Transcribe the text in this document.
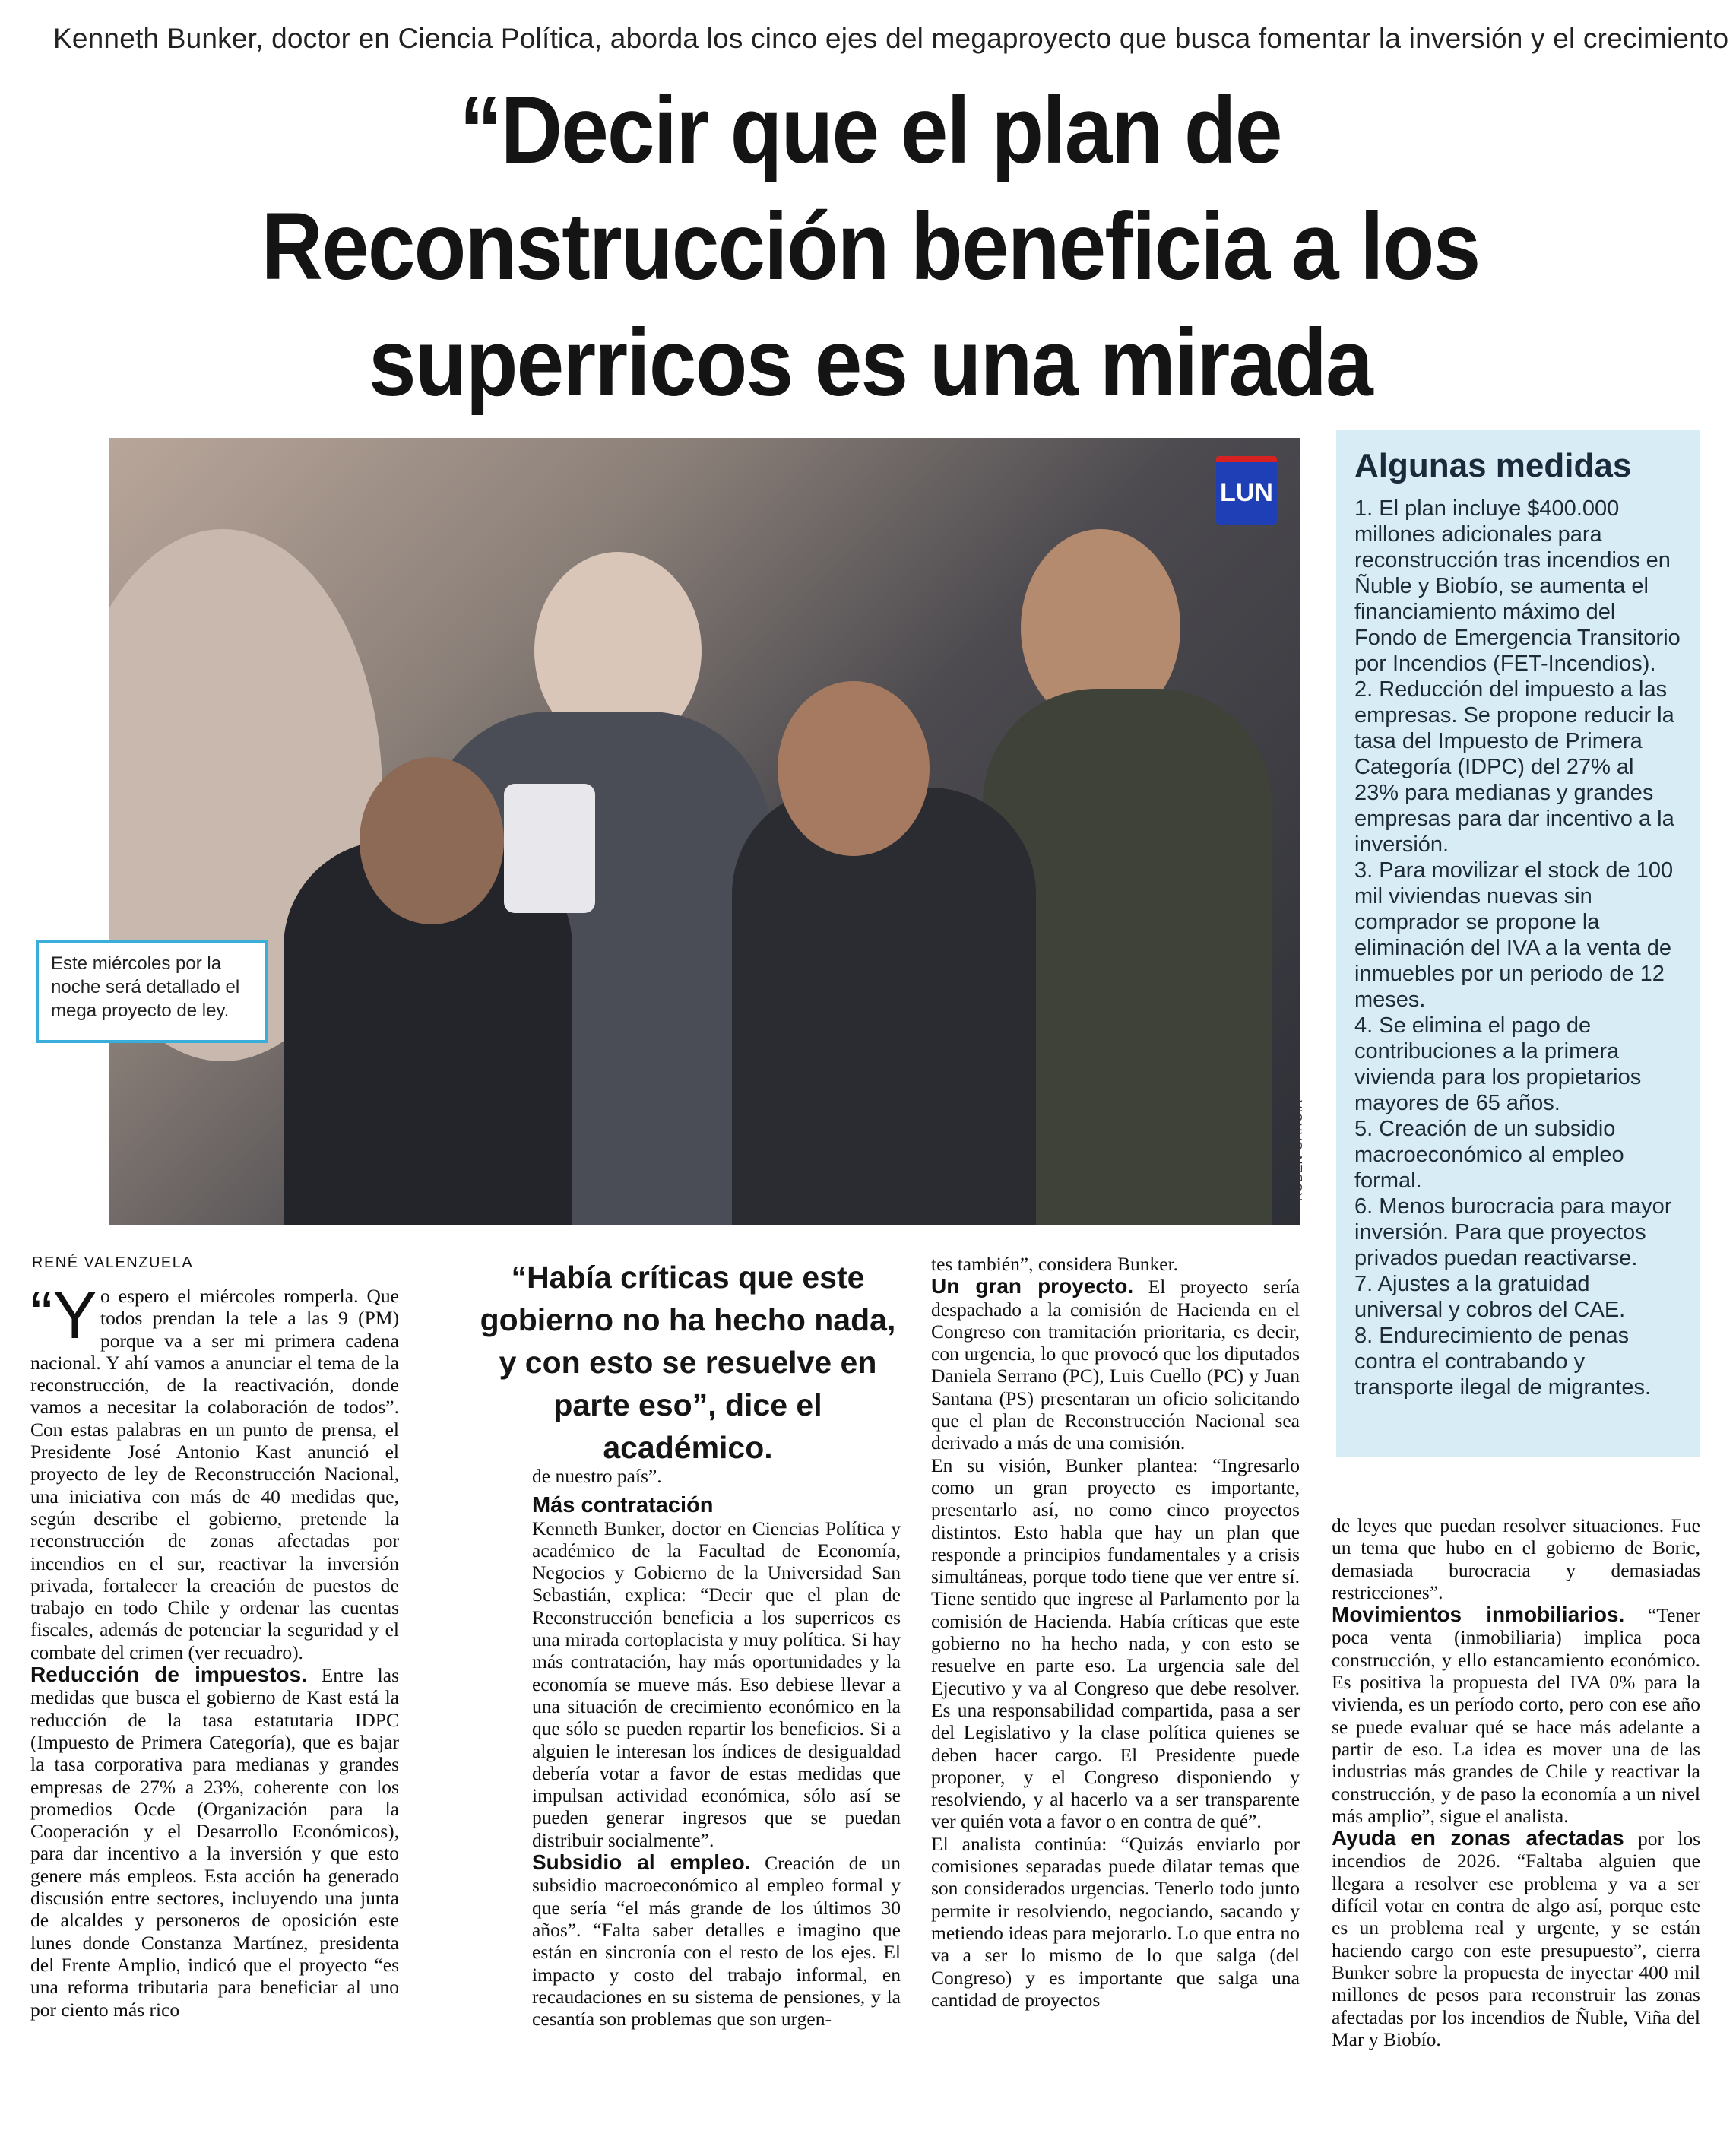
Kenneth Bunker, doctor en Ciencia Política, aborda los cinco ejes del megaproyecto que busca fomentar la inversión y el crecimiento
“Decir que el plan de Reconstrucción beneficia a los superricos es una mirada
LUN
RUBÉN GARCÍA
Este miércoles por la noche será detallado el mega proyecto de ley.
Algunas medidas

1. El plan incluye $400.000 millones adicionales para reconstrucción tras incendios en Ñuble y Biobío, se aumenta el financiamiento máximo del Fondo de Emergencia Transitorio por Incendios (FET-Incendios).

2. Reducción del impuesto a las empresas. Se propone reducir la tasa del Impuesto de Primera Categoría (IDPC) del 27% al 23% para medianas y grandes empresas para dar incentivo a la inversión.

3. Para movilizar el stock de 100 mil viviendas nuevas sin comprador se propone la eliminación del IVA a la venta de inmuebles por un periodo de 12 meses.

4. Se elimina el pago de contribuciones a la primera vivienda para los propietarios mayores de 65 años.

5. Creación de un subsidio macroeconómico al empleo formal.

6. Menos burocracia para mayor inversión. Para que proyectos privados puedan reactivarse.

7. Ajustes a la gratuidad universal y cobros del CAE.

8. Endurecimiento de penas contra el contrabando y transporte ilegal de migrantes.

RENÉ VALENZUELA	“Había críticas que este gobierno no ha hecho nada, y con esto se resuelve en parte eso”, dice el académico.
“Y o espero el miércoles romperla. Que todos prendan la tele a las 9 (PM) porque va a ser mi primera cadena nacional. Y ahí vamos a anunciar el tema de la reconstrucción, de la reactivación, donde vamos a necesitar la colaboración de todos”. Con estas palabras en un punto de prensa, el Presidente José Antonio Kast anunció el proyecto de ley de Reconstrucción Nacional, una iniciativa con más de 40 medidas que, según describe el gobierno, pretende la reconstrucción de zonas afectadas por incendios en el sur, reactivar la inversión privada, fortalecer la creación de puestos de trabajo en todo Chile y ordenar las cuentas fiscales, además de potenciar la seguridad y el combate del crimen (ver recuadro).

Reducción de impuestos. Entre las medidas que busca el gobierno de Kast está la reducción de la tasa estatutaria IDPC (Impuesto de Primera Categoría), que es bajar la tasa corporativa para medianas y grandes empresas de 27% a 23%, coherente con los promedios Ocde (Organización para la Cooperación y el Desarrollo Económicos), para dar incentivo a la inversión y que esto genere más empleos. Esta acción ha generado discusión entre sectores, incluyendo una junta de alcaldes y personeros de oposición este lunes donde Constanza Martínez, presidenta del Frente Amplio, indicó que el proyecto “es una reforma tributaria para beneficiar al uno por ciento más rico

de nuestro país”.

Más contratación

Kenneth Bunker, doctor en Ciencias Política y académico de la Facultad de Economía, Negocios y Gobierno de la Universidad San Sebastián, explica: “Decir que el plan de Reconstrucción beneficia a los superricos es una mirada cortoplacista y muy política. Si hay más contratación, hay más oportunidades y la economía se mueve más. Eso debiese llevar a una situación de crecimiento económico en la que sólo se pueden repartir los beneficios. Si a alguien le interesan los índices de desigualdad debería votar a favor de estas medidas que impulsan actividad económica, sólo así se pueden generar ingresos que se puedan distribuir socialmente”.

Subsidio al empleo. Creación de un subsidio macroeconómico al empleo formal y que sería “el más grande de los últimos 30 años”. “Falta saber detalles e imagino que están en sincronía con el resto de los ejes. El impacto y costo del trabajo informal, en recaudaciones en su sistema de pensiones, y la cesantía son problemas que son urgen-

tes también”, considera Bunker.

Un gran proyecto. El proyecto sería despachado a la comisión de Hacienda en el Congreso con tramitación prioritaria, es decir, con urgencia, lo que provocó que los diputados Daniela Serrano (PC), Luis Cuello (PC) y Juan Santana (PS) presentaran un oficio solicitando que el plan de Reconstrucción Nacional sea derivado a más de una comisión.

En su visión, Bunker plantea: “Ingresarlo como un gran proyecto es importante, presentarlo así, no como cinco proyectos distintos. Esto habla que hay un plan que responde a principios fundamentales y a crisis simultáneas, porque todo tiene que ver entre sí. Tiene sentido que ingrese al Parlamento por la comisión de Hacienda. Había críticas que este gobierno no ha hecho nada, y con esto se resuelve en parte eso. La urgencia sale del Ejecutivo y va al Congreso que debe resolver. Es una responsabilidad compartida, pasa a ser del Legislativo y la clase política quienes se deben hacer cargo. El Presidente puede proponer, y el Congreso disponiendo y resolviendo, y al hacerlo va a ser transparente ver quién vota a favor o en contra de qué”.

El analista continúa: “Quizás enviarlo por comisiones separadas puede dilatar temas que son considerados urgencias. Tenerlo todo junto permite ir resolviendo, negociando, sacando y metiendo ideas para mejorarlo. Lo que entra no va a ser lo mismo de lo que salga (del Congreso) y es importante que salga una cantidad de proyectos

de leyes que puedan resolver situaciones. Fue un tema que hubo en el gobierno de Boric, demasiada burocracia y demasiadas restricciones”.

Movimientos inmobiliarios. “Tener poca venta (inmobiliaria) implica poca construcción, y ello estancamiento económico. Es positiva la propuesta del IVA 0% para la vivienda, es un período corto, pero con ese año se puede evaluar qué se hace más adelante a partir de eso. La idea es mover una de las industrias más grandes de Chile y reactivar la construcción, y de paso la economía a un nivel más amplio”, sigue el analista.

Ayuda en zonas afectadas por los incendios de 2026. “Faltaba alguien que llegara a resolver ese problema y va a ser difícil votar en contra de algo así, porque este es un problema real y urgente, y se están haciendo cargo con este presupuesto”, cierra Bunker sobre la propuesta de inyectar 400 mil millones de pesos para reconstruir las zonas afectadas por los incendios de Ñuble, Viña del Mar y Biobío.
